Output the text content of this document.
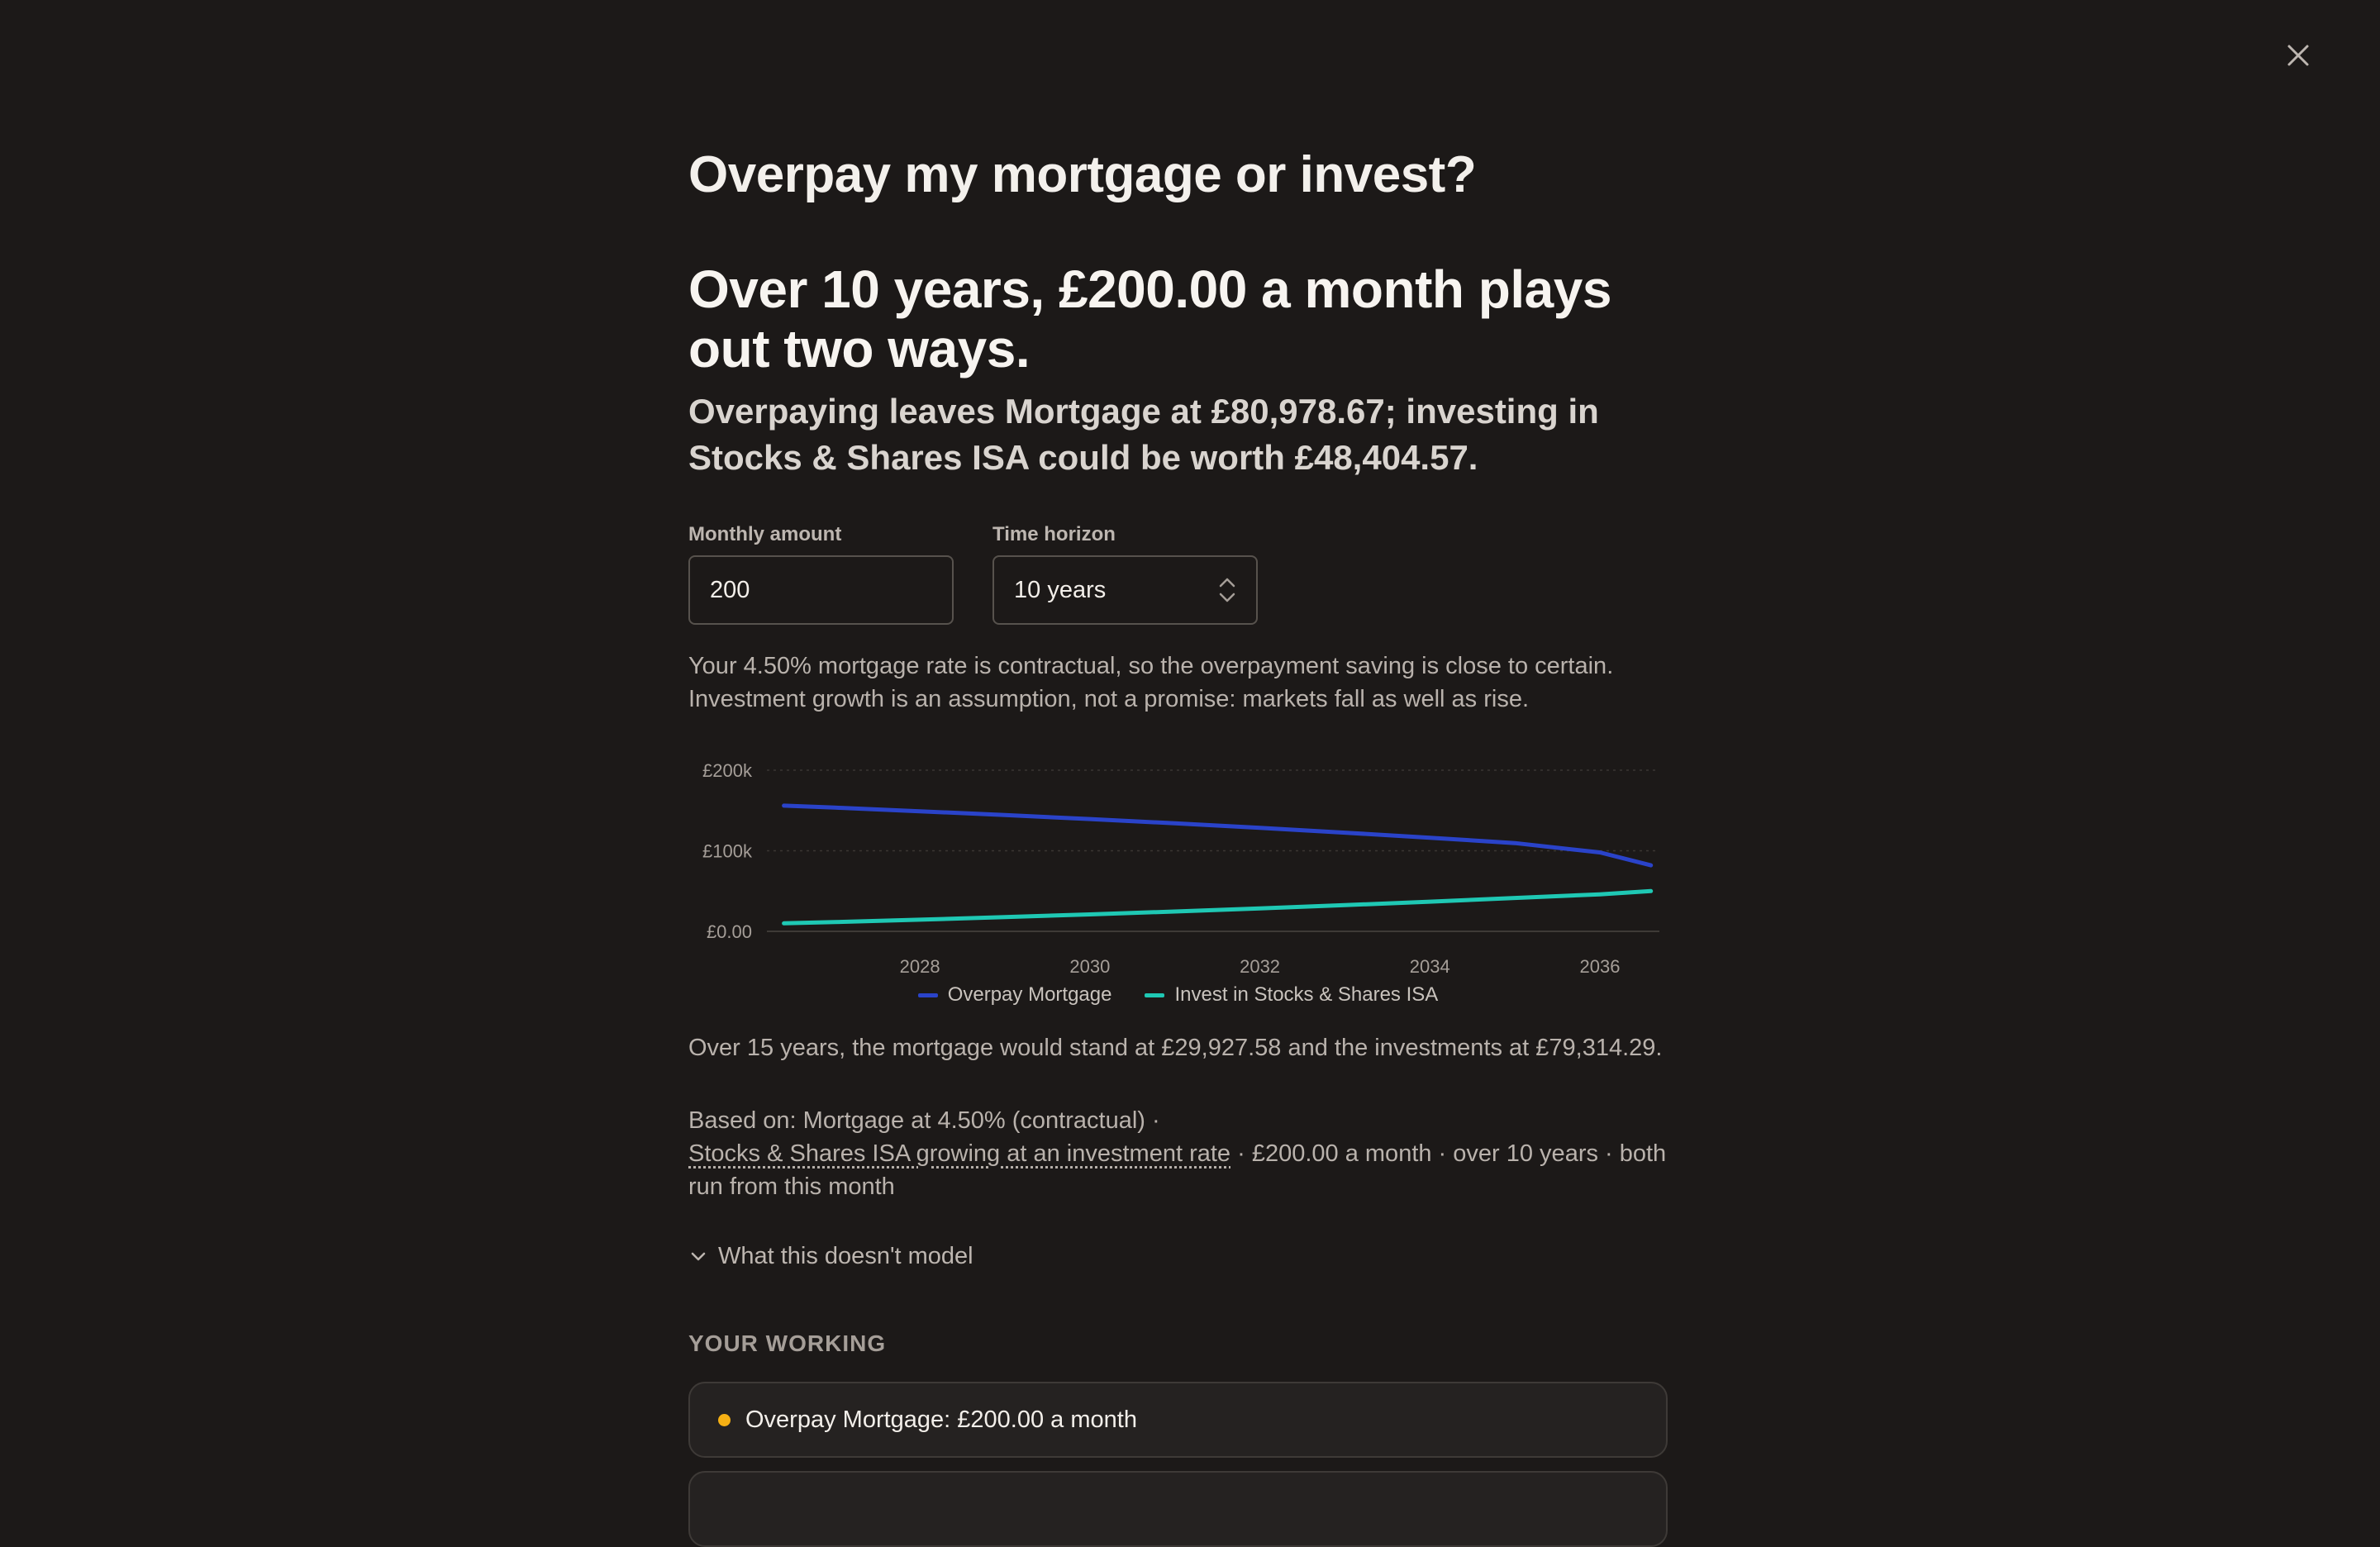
Overpay my mortgage or invest?
Over 10 years, £200.00 a month plays out two ways.

Overpaying leaves Mortgage at £80,978.67; investing in Stocks & Shares ISA could be worth £48,404.57.

Monthly amount
200
Time horizon
10 years

Your 4.50% mortgage rate is contractual, so the overpayment saving is close to certain. Investment growth is an assumption, not a promise: markets fall as well as rise.

£0.00
£100k
£200k
2028	2030	2032	2034	2036
Overpay Mortgage	Invest in Stocks & Shares ISA

Over 15 years, the mortgage would stand at £29,927.58 and the investments at £79,314.29.

Based on: Mortgage at 4.50% (contractual) ·
Stocks & Shares ISA growing at an investment rate · £200.00 a month · over 10 years · both run from this month

What this doesn't model
YOUR WORKING
Overpay Mortgage: £200.00 a month
